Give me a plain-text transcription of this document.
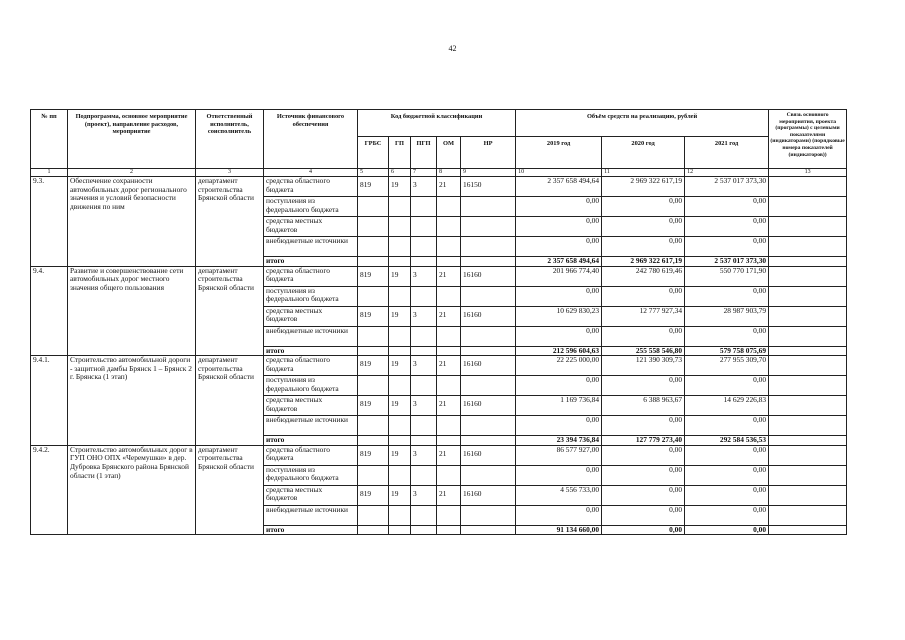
42
№ пп	Подпрограмма, основное мероприятие (проект), направление расходов, мероприятие	Ответственный исполнитель, соисполнитель	Источник финансового обеспечения	Код бюджетной классификации					Объём средств на реализацию, рублей			Связь основного мероприятия, проекта (программы) с целевыми показателями (индикаторами) (порядковые номера показателей (индикаторов))
				ГРБС	ГП	ПГП	ОМ	НР	2019 год	2020 год	2021 год	
1	2	3	4	5	6	7	8	9	10	11	12	13
9.3.	Обеспечение сохранности автомобильных дорог регионального значения и условий безопасности движения по ним	департамент строительства Брянской области	средства областного бюджета	819	19	3	21	16150	2 357 658 494,64	2 969 322 617,19	2 537 017 373,30	
			поступления из федерального бюджета						0,00	0,00	0,00	
			средства местных бюджетов						0,00	0,00	0,00	
			внебюджетные источники						0,00	0,00	0,00	
			итого						2 357 658 494,64	2 969 322 617,19	2 537 017 373,30	
9.4.	Развитие и совершенствование сети автомобильных дорог местного значения общего пользования	департамент строительства Брянской области	средства областного бюджета	819	19	3	21	16160	201 966 774,40	242 780 619,46	550 770 171,90	
			поступления из федерального бюджета						0,00	0,00	0,00	
			средства местных бюджетов	819	19	3	21	16160	10 629 830,23	12 777 927,34	28 987 903,79	
			внебюджетные источники						0,00	0,00	0,00	
			итого						212 596 604,63	255 558 546,80	579 758 075,69	
9.4.1.	Строительство автомобильной дороги - защитной дамбы Брянск 1 – Брянск 2 г. Брянска (1 этап)	департамент строительства Брянской области	средства областного бюджета	819	19	3	21	16160	22 225 000,00	121 390 309,73	277 955 309,70	
			поступления из федерального бюджета						0,00	0,00	0,00	
			средства местных бюджетов	819	19	3	21	16160	1 169 736,84	6 388 963,67	14 629 226,83	
			внебюджетные источники						0,00	0,00	0,00	
			итого						23 394 736,84	127 779 273,40	292 584 536,53	
9.4.2.	Строительство автомобильных дорог в ГУП ОНО ОПХ «Черемушки» в дер. Дубровка Брянского района Брянской области (1 этап)	департамент строительства Брянской области	средства областного бюджета	819	19	3	21	16160	86 577 927,00	0,00	0,00	
			поступления из федерального бюджета						0,00	0,00	0,00	
			средства местных бюджетов	819	19	3	21	16160	4 556 733,00	0,00	0,00	
			внебюджетные источники						0,00	0,00	0,00	
			итого						91 134 660,00	0,00	0,00	
